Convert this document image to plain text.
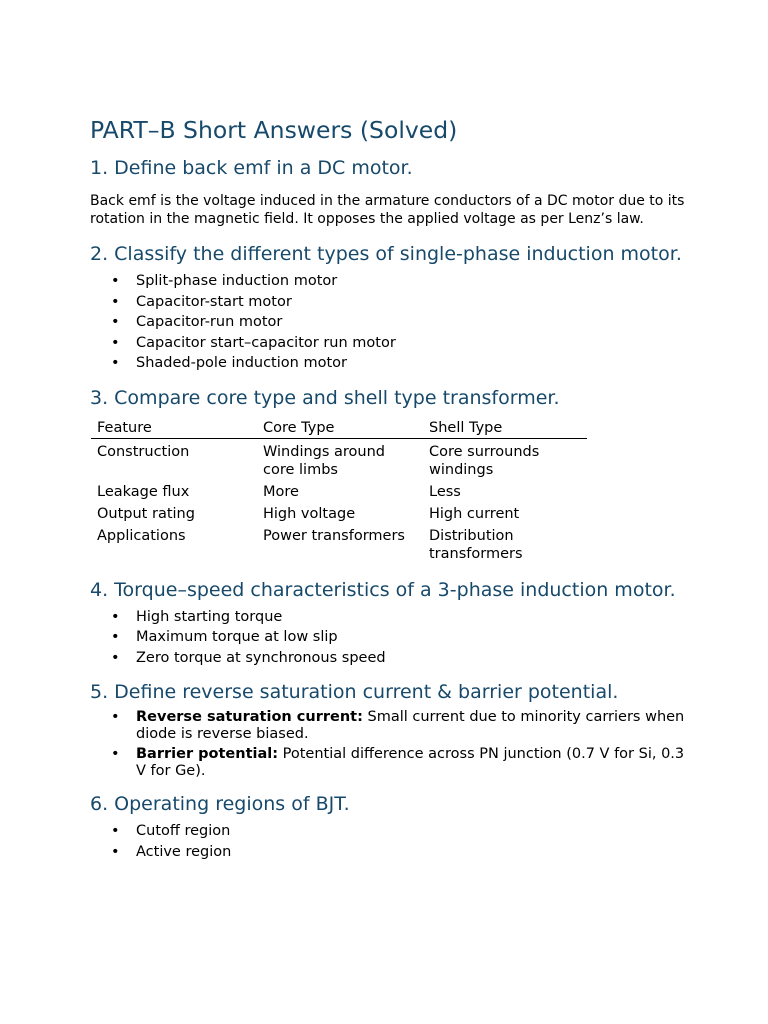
PART–B Short Answers (Solved)
1. Define back emf in a DC motor.

Back emf is the voltage induced in the armature conductors of a DC motor due to its rotation in the magnetic field. It opposes the applied voltage as per Lenz’s law.

2. Classify the different types of single-phase induction motor.
• Split-phase induction motor
• Capacitor-start motor
• Capacitor-run motor
• Capacitor start–capacitor run motor
• Shaded-pole induction motor
3. Compare core type and shell type transformer.
Feature	Core Type	Shell Type
Construction	Windings around core limbs	Core surrounds windings
Leakage flux	More	Less
Output rating	High voltage	High current
Applications	Power transformers	Distribution transformers
4. Torque–speed characteristics of a 3-phase induction motor.
• High starting torque
• Maximum torque at low slip
• Zero torque at synchronous speed
5. Define reverse saturation current & barrier potential.
• Reverse saturation current: Small current due to minority carriers when diode is reverse biased.
• Barrier potential: Potential difference across PN junction (0.7 V for Si, 0.3 V for Ge).
6. Operating regions of BJT.
• Cutoff region
• Active region
